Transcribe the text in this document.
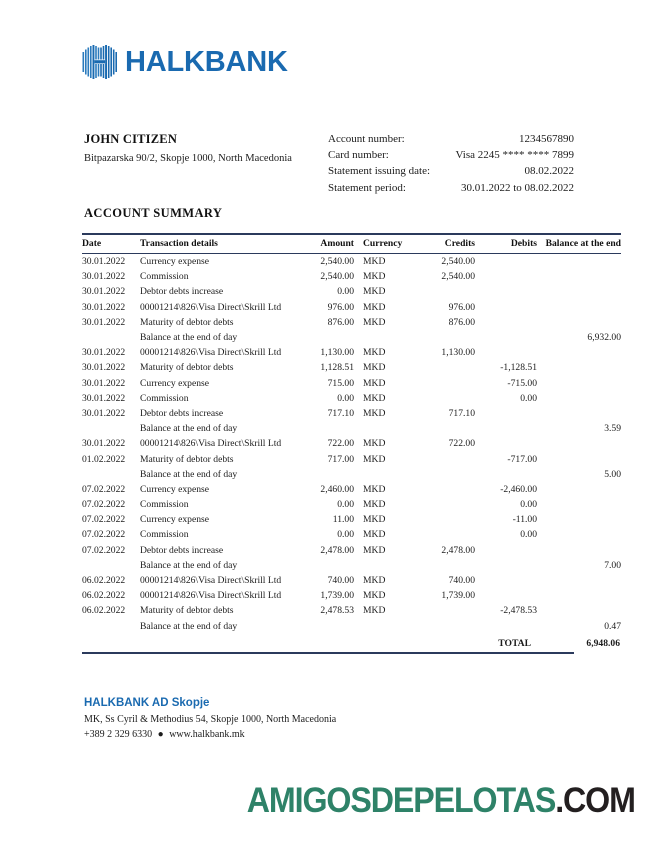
HALKBANK

JOHN CITIZEN

Bitpazarska 90/2, Skopje 1000, North Macedonia

Account number:	1234567890
Card number:	Visa 2245 **** **** 7899
Statement issuing date:	08.02.2022
Statement period:	30.01.2022 to 08.02.2022
ACCOUNT SUMMARY
Date	Transaction details	Amount	Currency	Credits	Debits	Balance at the end
30.01.2022	Currency expense	2,540.00	MKD	2,540.00		
30.01.2022	Commission	2,540.00	MKD	2,540.00		
30.01.2022	Debtor debts increase	0.00	MKD			
30.01.2022	00001214\826\Visa Direct\Skrill Ltd	976.00	MKD	976.00		
30.01.2022	Maturity of debtor debts	876.00	MKD	876.00		
	Balance at the end of day					6,932.00
30.01.2022	00001214\826\Visa Direct\Skrill Ltd	1,130.00	MKD	1,130.00		
30.01.2022	Maturity of debtor debts	1,128.51	MKD		-1,128.51	
30.01.2022	Currency expense	715.00	MKD		-715.00	
30.01.2022	Commission	0.00	MKD		0.00	
30.01.2022	Debtor debts increase	717.10	MKD	717.10		
	Balance at the end of day					3.59
30.01.2022	00001214\826\Visa Direct\Skrill Ltd	722.00	MKD	722.00		
01.02.2022	Maturity of debtor debts	717.00	MKD		-717.00	
	Balance at the end of day					5.00
07.02.2022	Currency expense	2,460.00	MKD		-2,460.00	
07.02.2022	Commission	0.00	MKD		0.00	
07.02.2022	Currency expense	11.00	MKD		-11.00	
07.02.2022	Commission	0.00	MKD		0.00	
07.02.2022	Debtor debts increase	2,478.00	MKD	2,478.00		
	Balance at the end of day					7.00
06.02.2022	00001214\826\Visa Direct\Skrill Ltd	740.00	MKD	740.00		
06.02.2022	00001214\826\Visa Direct\Skrill Ltd	1,739.00	MKD	1,739.00		
06.02.2022	Maturity of debtor debts	2,478.53	MKD		-2,478.53	
	Balance at the end of day					0.47
					TOTAL	6,948.06

HALKBANK AD Skopje

MK, Ss Cyril & Methodius 54, Skopje 1000, North Macedonia

+389 2 329 6330 ● www.halkbank.mk

AMIGOSDEPELOTAS.COM
